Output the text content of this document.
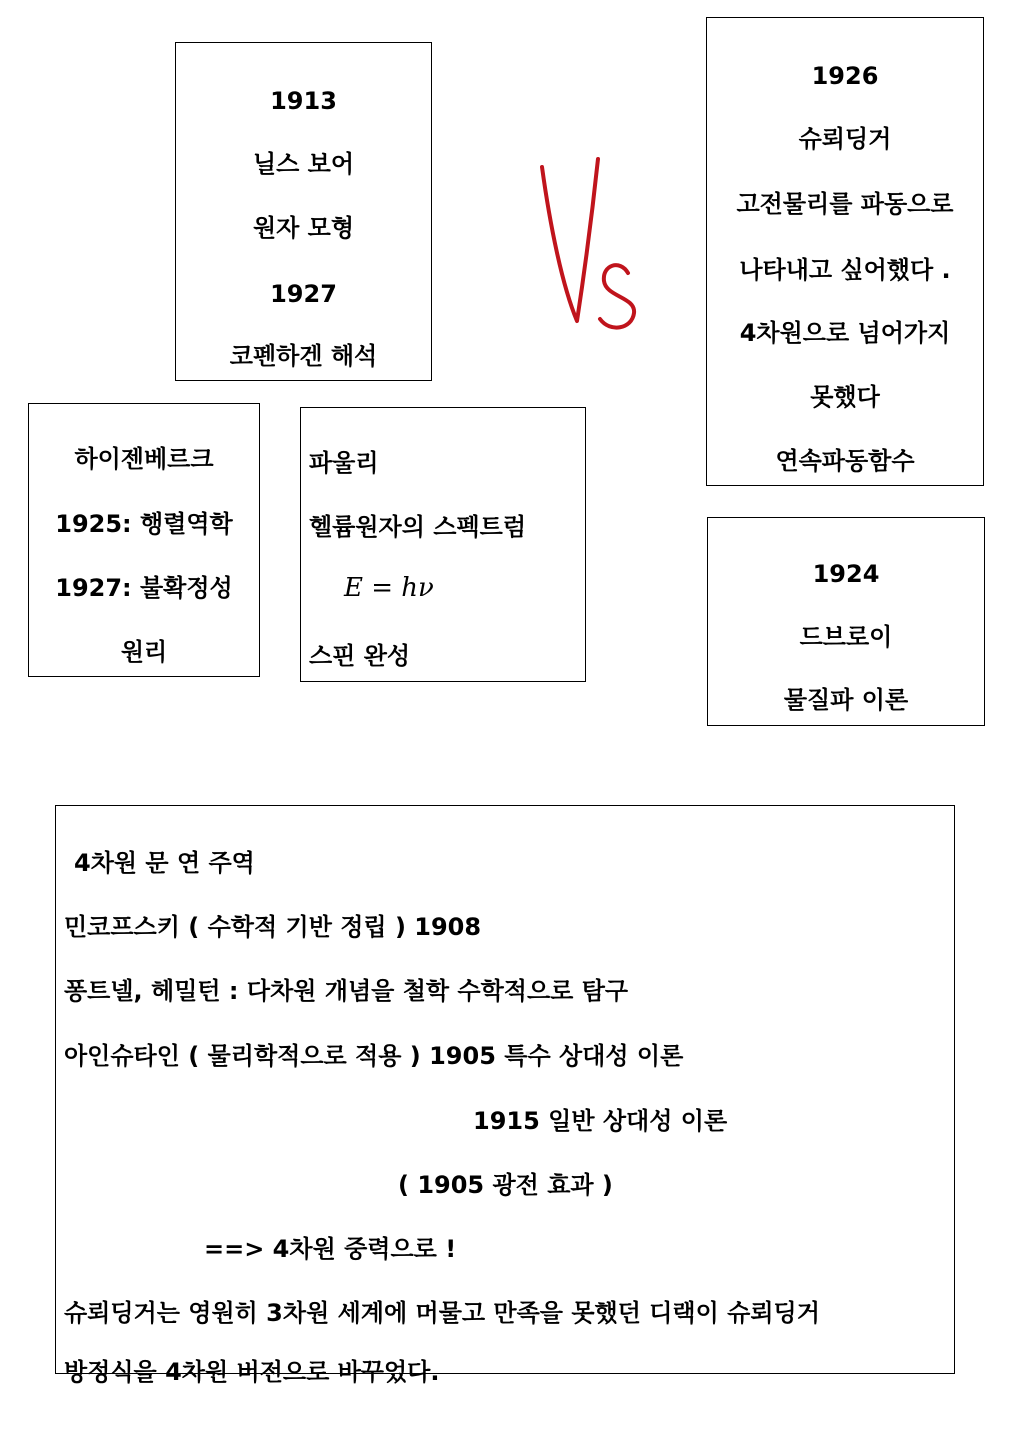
1913
닐스 보어
원자 모형
1927
코펜하겐 해석
1926
슈뢰딩거
고전물리를 파동으로
나타내고 싶어했다 .
4차원으로 넘어가지
못했다
연속파동함수
하이젠베르크
1925: 행렬역학
1927: 불확정성
원리
파울리
헬륨원자의 스펙트럼
E = hν
스핀 완성
1924
드브로이
물질파 이론
4차원 문 연 주역
민코프스키 ( 수학적 기반 정립 ) 1908
퐁트넬, 헤밀턴 : 다차원 개념을 철학 수학적으로 탐구
아인슈타인 ( 물리학적으로 적용 ) 1905 특수 상대성 이론
1915 일반 상대성 이론
( 1905 광전 효과 )
==> 4차원 중력으로 !
슈뢰딩거는 영원히 3차원 세계에 머물고 만족을 못했던 디랙이 슈뢰딩거
방정식을 4차원 버전으로 바꾸었다.
